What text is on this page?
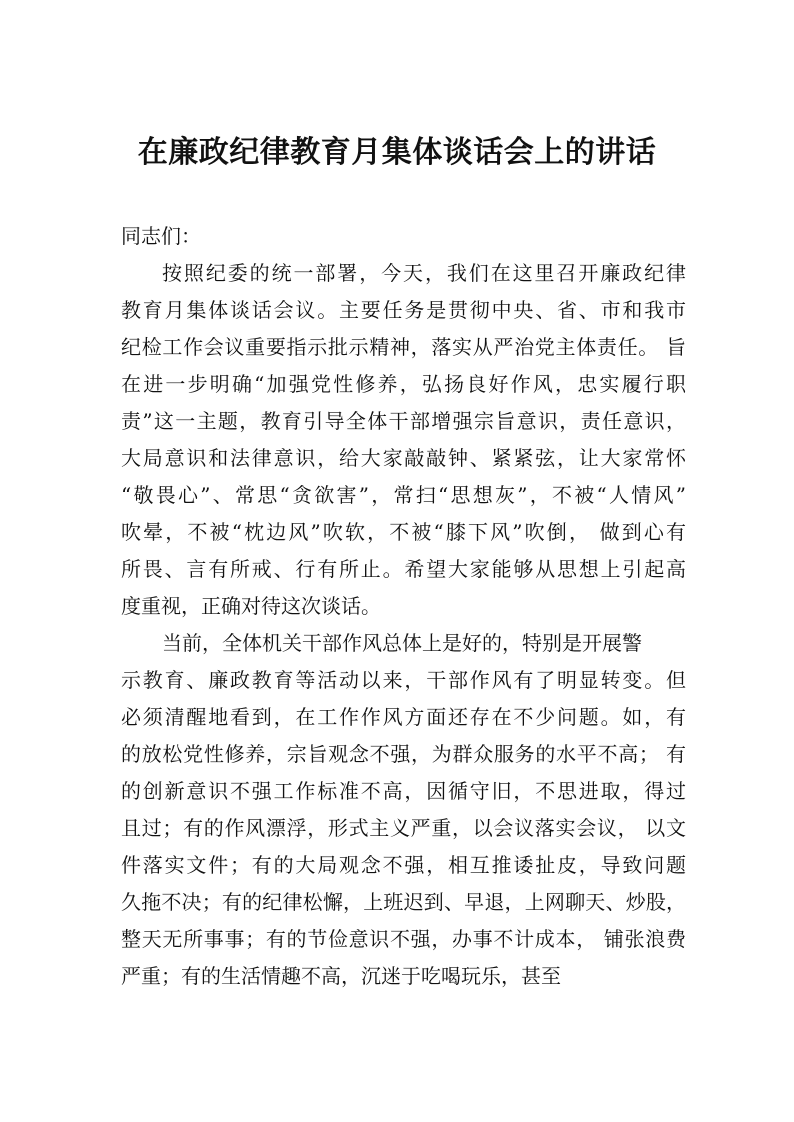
在廉政纪律教育月集体谈话会上的讲话

同志们：

按照纪委的统一部署，今天，我们在这里召开廉政纪律

教育月集体谈话会议。主要任务是贯彻中央、省、市和我市

纪检工作会议重要指示批示精神，落实从严治党主体责任。 旨

在进一步明确“加强党性修养，弘扬良好作风，忠实履行职

责”这一主题，教育引导全体干部增强宗旨意识，责任意识，

大局意识和法律意识，给大家敲敲钟、紧紧弦，让大家常怀

“敬畏心”、常思“贪欲害”，常扫“思想灰”，不被“人情风”

吹晕，不被“枕边风”吹软，不被“膝下风”吹倒， 做到心有

所畏、言有所戒、行有所止。希望大家能够从思想上引起高

度重视，正确对待这次谈话。

当前，全体机关干部作风总体上是好的，特别是开展警

示教育、廉政教育等活动以来，干部作风有了明显转变。但

必须清醒地看到，在工作作风方面还存在不少问题。如，有

的放松党性修养，宗旨观念不强，为群众服务的水平不高； 有

的创新意识不强工作标准不高，因循守旧，不思进取，得过

且过；有的作风漂浮，形式主义严重，以会议落实会议， 以文

件落实文件；有的大局观念不强，相互推诿扯皮，导致问题

久拖不决；有的纪律松懈，上班迟到、早退，上网聊天、炒股，

整天无所事事；有的节俭意识不强，办事不计成本， 铺张浪费

严重；有的生活情趣不高，沉迷于吃喝玩乐，甚至
